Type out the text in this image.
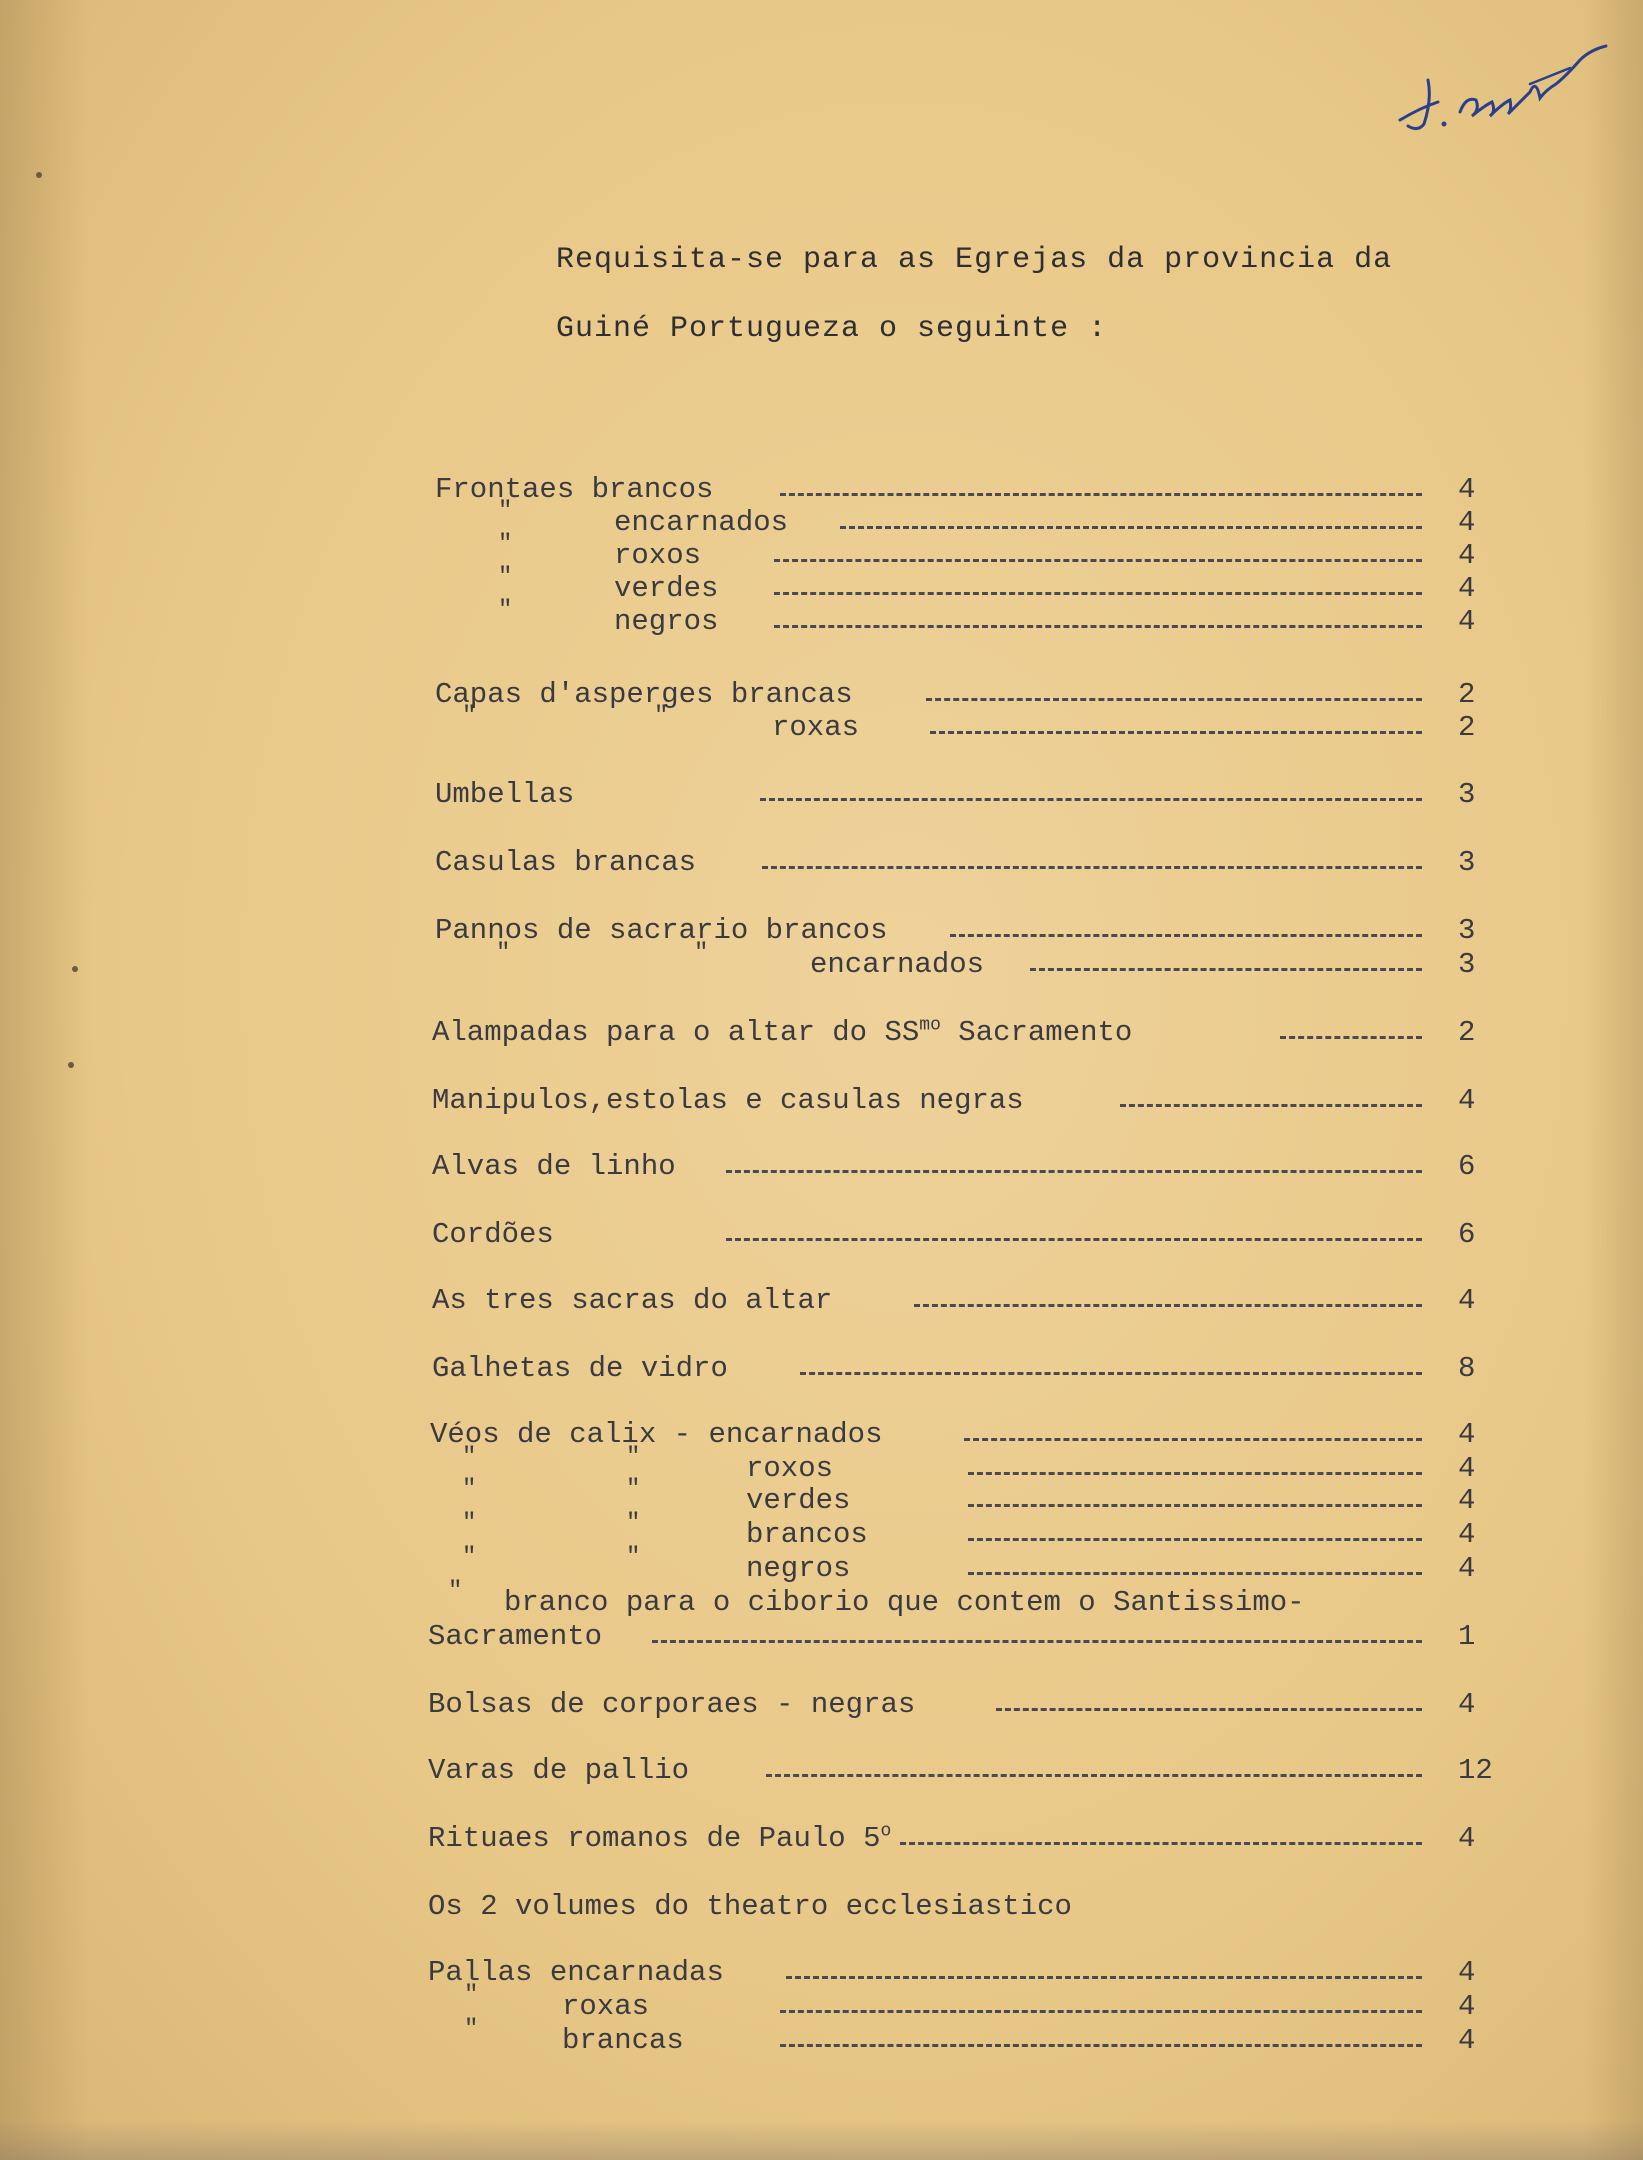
Requisita-se para as Egrejas da provincia da
Guiné Portugueza o seguinte :
Frontaes brancos	4
"	encarnados	4
"	roxos	4
"	verdes	4
"	negros	4
Capas d'asperges brancas	2
"	"	roxas	2
Umbellas	3
Casulas brancas	3
Pannos de sacrario brancos	3
"	"	encarnados	3
Alampadas para o altar do $SS^{mo}$ Sacramento	2
Manipulos,estolas e casulas negras	4
Alvas de linho	6
Cordões	6
As tres sacras do altar	4
Galhetas de vidro	8
Véos de calix - encarnados	4
"	"	roxos	4
"	"	verdes	4
"	"	brancos	4
"	"	negros	4
" branco para o ciborio que contem o Santissimo-
Sacramento	1
Bolsas de corporaes - negras	4
Varas de pallio	12
Rituaes romanos de Paulo 5$^o$	4
Os 2 volumes do theatro ecclesiastico
Pallas encarnadas	4
"	roxas	4
"	brancas	4
